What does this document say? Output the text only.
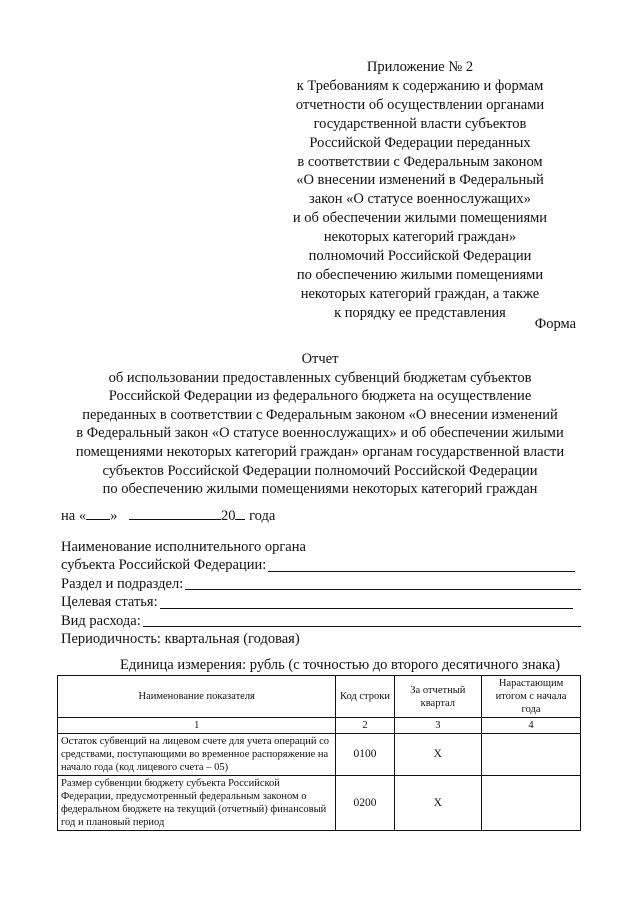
Приложение № 2
к Требованиям к содержанию и формам
отчетности об осуществлении органами
государственной власти субъектов
Российской Федерации переданных
в соответствии с Федеральным законом
«О внесении изменений в Федеральный
закон «О статусе военнослужащих»
и об обеспечении жилыми помещениями
некоторых категорий граждан»
полномочий Российской Федерации
по обеспечению жилыми помещениями
некоторых категорий граждан, а также
к порядку ее представления
Форма
Отчет
об использовании предоставленных субвенций бюджетам субъектов
Российской Федерации из федерального бюджета на осуществление
переданных в соответствии с Федеральным законом «О внесении изменений
в Федеральный закон «О статусе военнослужащих» и об обеспечении жилыми
помещениями некоторых категорий граждан» органам государственной власти
субъектов Российской Федерации полномочий Российской Федерации
по обеспечению жилыми помещениями некоторых категорий граждан
на « »	20 года
Наименование исполнительного органа
субъекта Российской Федерации:
Раздел и подраздел:
Целевая статья:
Вид расхода:
Периодичность: квартальная (годовая)
Единица измерения: рубль (с точностью до второго десятичного знака)
Наименование показателя	Код строки	За отчетный квартал	Нарастающим итогом с начала года
1	2	3	4
Остаток субвенций на лицевом счете для учета операций со средствами, поступающими во временное распоряжение на начало года (код лицевого счета – 05)	0100	Х	
Размер субвенции бюджету субъекта Российской Федерации, предусмотренный федеральным законом о федеральном бюджете на текущий (отчетный) финансовый год и плановый период	0200	Х	
